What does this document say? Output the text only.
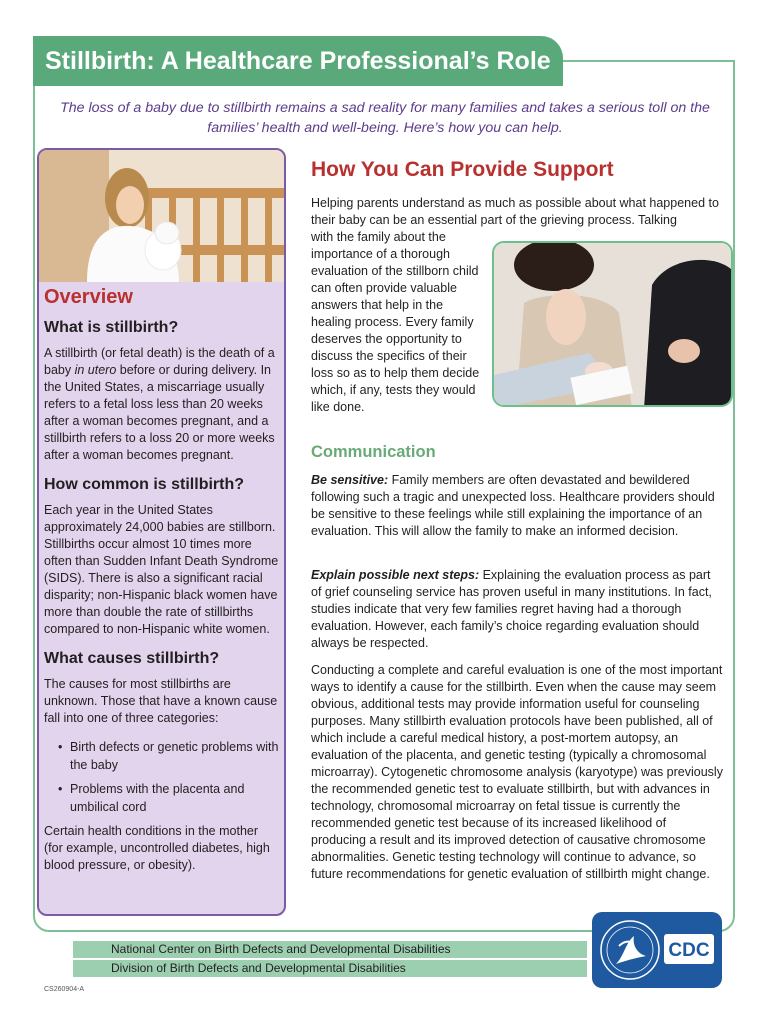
Stillbirth: A Healthcare Professional’s Role
The loss of a baby due to stillbirth remains a sad reality for many families and takes a serious toll on the families’ health and well-being. Here’s how you can help.
Overview
What is stillbirth?

A stillbirth (or fetal death) is the death of a baby in utero before or during delivery. In the United States, a miscarriage usually refers to a fetal loss less than 20 weeks after a woman becomes pregnant, and a stillbirth refers to a loss 20 or more weeks after a woman becomes pregnant.

How common is stillbirth?

Each year in the United States approximately 24,000 babies are stillborn. Stillbirths occur almost 10 times more often than Sudden Infant Death Syndrome (SIDS). There is also a significant racial disparity; non-Hispanic black women have more than double the rate of stillbirths compared to non-Hispanic white women.

What causes stillbirth?

The causes for most stillbirths are unknown. Those that have a known cause fall into one of three categories:

• Birth defects or genetic problems with the baby
• Problems with the placenta and umbilical cord

Certain health conditions in the mother (for example, uncontrolled diabetes, high blood pressure, or obesity).

How You Can Provide Support

Helping parents understand as much as possible about what happened to their baby can be an essential part of the grieving process. Talking

with the family about the importance of a thorough evaluation of the stillborn child can often provide valuable answers that help in the healing process. Every family deserves the opportunity to discuss the specifics of their loss so as to help them decide which, if any, tests they would like done.

Communication

Be sensitive: Family members are often devastated and bewildered following such a tragic and unexpected loss. Healthcare providers should be sensitive to these feelings while still explaining the importance of an evaluation. This will allow the family to make an informed decision.

Explain possible next steps: Explaining the evaluation process as part of grief counseling service has proven useful in many institutions. In fact, studies indicate that very few families regret having had a thorough evaluation. However, each family’s choice regarding evaluation should always be respected.

Conducting a complete and careful evaluation is one of the most important ways to identify a cause for the stillbirth. Even when the cause may seem obvious, additional tests may provide information useful for counseling purposes. Many stillbirth evaluation protocols have been published, all of which include a careful medical history, a post-mortem autopsy, an evaluation of the placenta, and genetic testing (typically a chromosomal microarray). Cytogenetic chromosome analysis (karyotype) was previously the recommended genetic test to evaluate stillbirth, but with advances in technology, chromosomal microarray on fetal tissue is currently the recommended genetic test because of its increased likelihood of producing a result and its improved detection of causative chromosome abnormalities. Genetic testing technology will continue to advance, so future recommendations for genetic evaluation of stillbirth might change.

National Center on Birth Defects and Developmental Disabilities
Division of Birth Defects and Developmental Disabilities
CDC
CS260904-A
